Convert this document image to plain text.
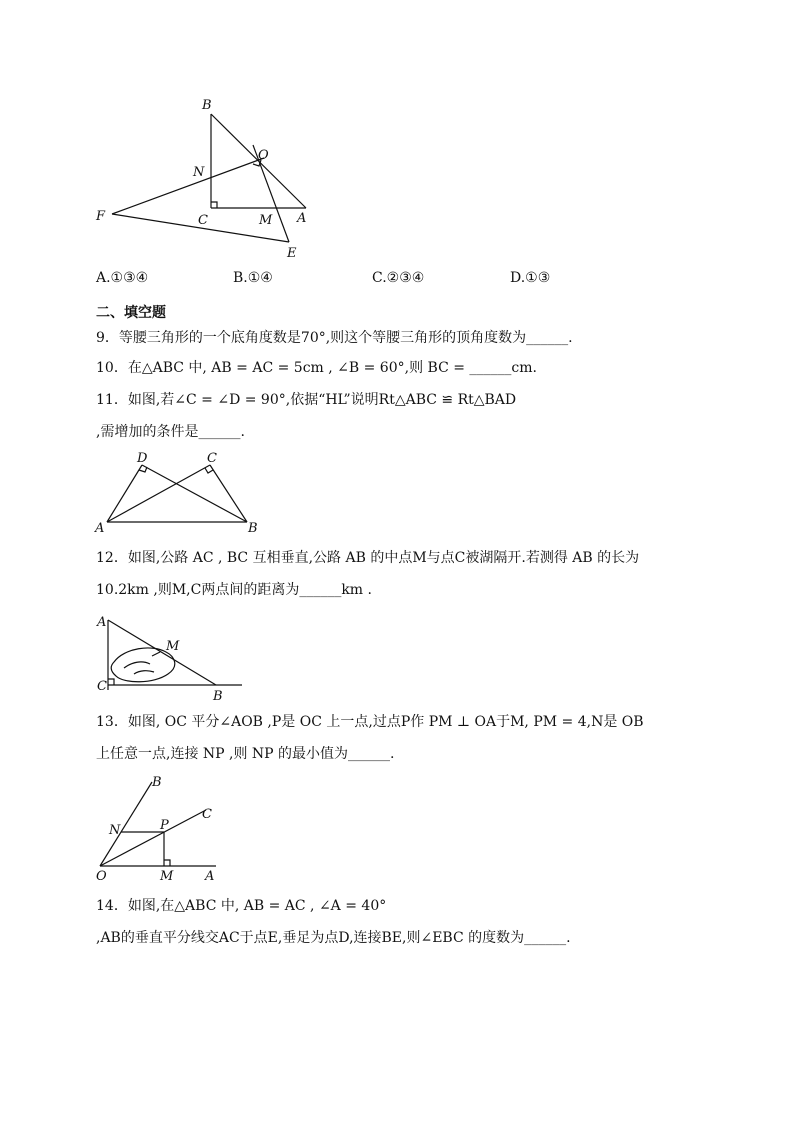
B
O
N
F	C	M A
E
A.①③④	B.①④	C.②③④	D.①③
二、填空题
9．等腰三角形的一个底角度数是70°,则这个等腰三角形的顶角度数为______.
10．在△ABC 中, AB = AC = 5cm , ∠B = 60°,则 BC = ______cm.
11．如图,若∠C = ∠D = 90°,依据“HL”说明Rt△ABC ≌ Rt△BAD
,需增加的条件是______.
D	C
A	B
12．如图,公路 AC , BC 互相垂直,公路 AB 的中点M与点C被湖隔开.若测得 AB 的长为
10.2km ,则M,C两点间的距离为______km .
A
M
C
B
13．如图, OC 平分∠AOB ,P是 OC 上一点,过点P作 PM ⊥ OA于M, PM = 4,N是 OB
上任意一点,连接 NP ,则 NP 的最小值为______.
B
C
N	P
O	M A
14．如图,在△ABC 中, AB = AC , ∠A = 40°
,AB的垂直平分线交AC于点E,垂足为点D,连接BE,则∠EBC 的度数为______.
